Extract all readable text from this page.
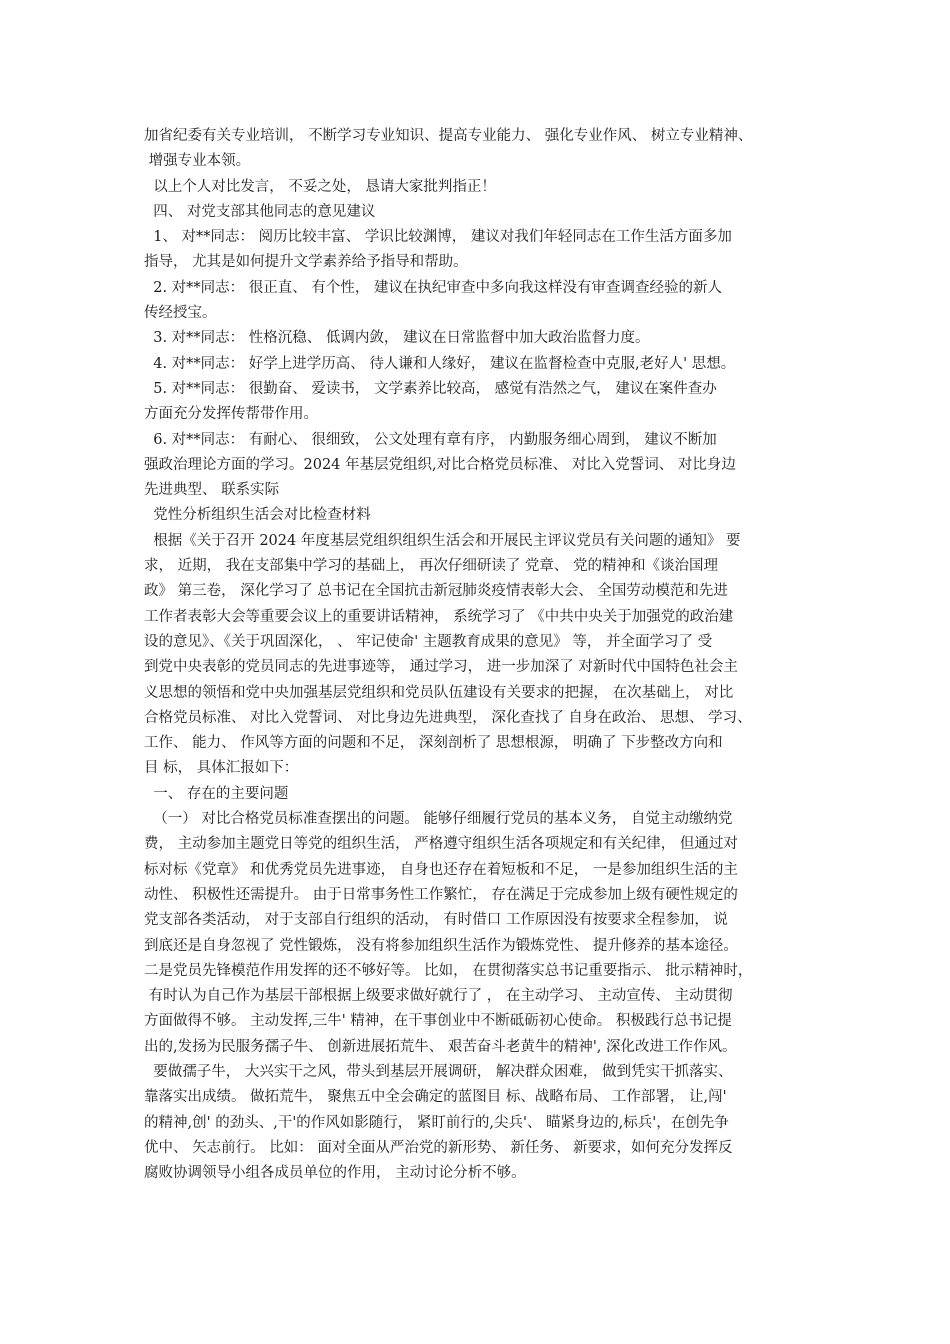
加省纪委有关专业培训， 不断学习专业知识、提高专业能力、 强化专业作风、 树立专业精神、
增强专业本领。
以上个人对比发言， 不妥之处， 恳请大家批判指正！
四、 对党支部其他同志的意见建议
1、 对**同志： 阅历比较丰富、 学识比较渊博， 建议对我们年轻同志在工作生活方面多加
指导， 尤其是如何提升文学素养给予指导和帮助。
2. 对**同志： 很正直、 有个性， 建议在执纪审查中多向我这样没有审查调查经验的新人
传经授宝。
3. 对**同志： 性格沉稳、 低调内敛， 建议在日常监督中加大政治监督力度。
4. 对**同志： 好学上进学历高、 待人谦和人缘好， 建议在监督检查中克服,老好人' 思想。
5. 对**同志： 很勤奋、 爱读书， 文学素养比较高， 感觉有浩然之气， 建议在案件查办
方面充分发挥传帮带作用。
6. 对**同志： 有耐心、 很细致， 公文处理有章有序， 内勤服务细心周到， 建议不断加
强政治理论方面的学习。2024 年基层党组织,对比合格党员标准、 对比入党誓词、 对比身边
先进典型、 联系实际
党性分析组织生活会对比检查材料
根据《关于召开 2024 年度基层党组织组织生活会和开展民主评议党员有关问题的通知》 要
求， 近期， 我在支部集中学习的基础上， 再次仔细研读了 党章、 党的精神和《谈治国理
政》 第三卷， 深化学习了 总书记在全国抗击新冠肺炎疫情表彰大会、 全国劳动模范和先进
工作者表彰大会等重要会议上的重要讲话精神， 系统学习了 《中共中央关于加强党的政治建
设的意见》、《关于巩固深化， 、 牢记使命' 主题教育成果的意见》 等， 并全面学习了 受
到党中央表彰的党员同志的先进事迹等， 通过学习， 进一步加深了 对新时代中国特色社会主
义思想的领悟和党中央加强基层党组织和党员队伍建设有关要求的把握， 在次基础上， 对比
合格党员标准、 对比入党誓词、 对比身边先进典型， 深化查找了 自身在政治、 思想、 学习、
工作、 能力、 作风等方面的问题和不足， 深刻剖析了 思想根源， 明确了 下步整改方向和
目 标， 具体汇报如下：
一、 存在的主要问题
（一） 对比合格党员标准查摆出的问题。 能够仔细履行党员的基本义务， 自觉主动缴纳党
费， 主动参加主题党日等党的组织生活， 严格遵守组织生活各项规定和有关纪律， 但通过对
标对标《党章》 和优秀党员先进事迹， 自身也还存在着短板和不足， 一是参加组织生活的主
动性、 积极性还需提升。 由于日常事务性工作繁忙， 存在满足于完成参加上级有硬性规定的
党支部各类活动， 对于支部自行组织的活动， 有时借口 工作原因没有按要求全程参加， 说
到底还是自身忽视了 党性锻炼， 没有将参加组织生活作为锻炼党性、 提升修养的基本途径。
二是党员先锋模范作用发挥的还不够好等。 比如， 在贯彻落实总书记重要指示、 批示精神时，
有时认为自己作为基层干部根据上级要求做好就行了 ， 在主动学习、 主动宣传、 主动贯彻
方面做得不够。 主动发挥,三牛' 精神，在干事创业中不断砥砺初心使命。 积极践行总书记提
出的,发扬为民服务孺子牛、 创新进展拓荒牛、 艰苦奋斗老黄牛的精神', 深化改进工作作风。
要做孺子牛， 大兴实干之风，带头到基层开展调研， 解决群众困难， 做到凭实干抓落实、
靠落实出成绩。 做拓荒牛， 聚焦五中全会确定的蓝图目 标、战略布局、 工作部署， 让,闯'
的精神,创' 的劲头、,干'的作风如影随行， 紧盯前行的,尖兵'、 瞄紧身边的,标兵'，在创先争
优中、 矢志前行。 比如： 面对全面从严治党的新形势、 新任务、 新要求，如何充分发挥反
腐败协调领导小组各成员单位的作用， 主动讨论分析不够。
